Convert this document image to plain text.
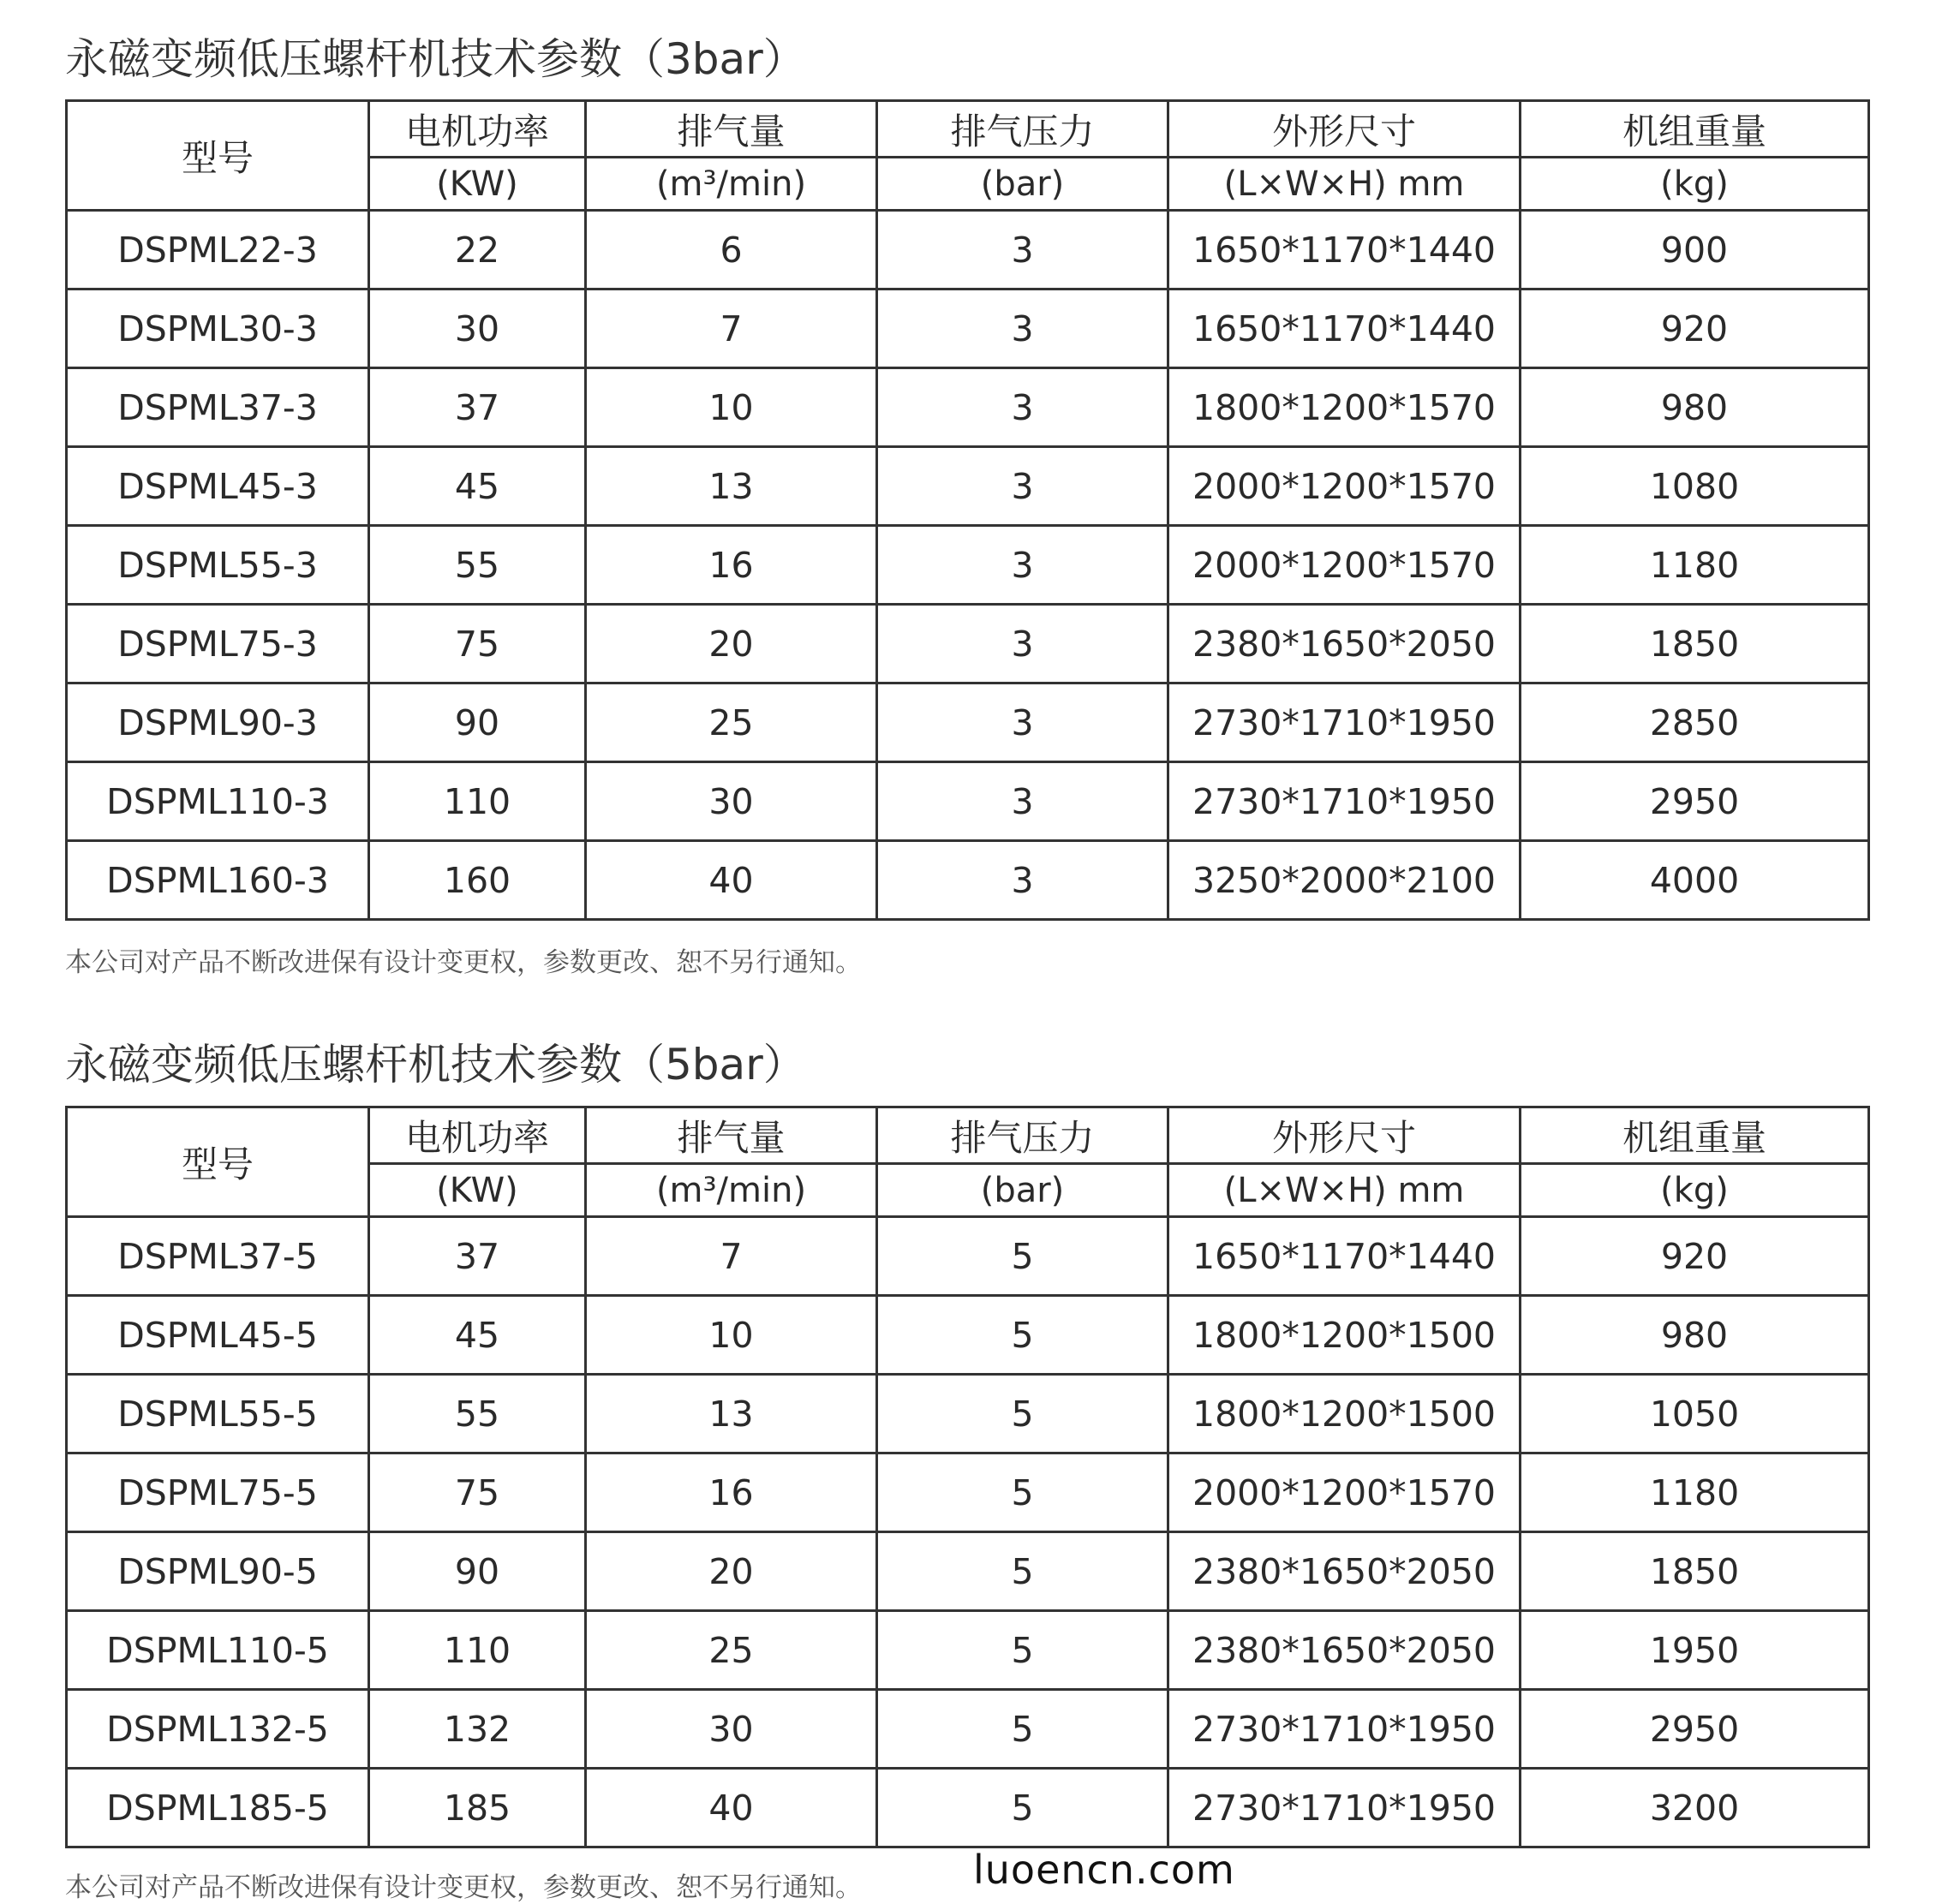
永磁变频低压螺杆机技术参数（3bar）
型号	电机功率	排气量	排气压力	外形尺寸	机组重量
	(KW)	(m³/min)	(bar)	(L×W×H) mm	(kg)
DSPML22-3	22	6	3	1650*1170*1440	900
DSPML30-3	30	7	3	1650*1170*1440	920
DSPML37-3	37	10	3	1800*1200*1570	980
DSPML45-3	45	13	3	2000*1200*1570	1080
DSPML55-3	55	16	3	2000*1200*1570	1180
DSPML75-3	75	20	3	2380*1650*2050	1850
DSPML90-3	90	25	3	2730*1710*1950	2850
DSPML110-3	110	30	3	2730*1710*1950	2950
DSPML160-3	160	40	3	3250*2000*2100	4000
本公司对产品不断改进保有设计变更权，参数更改、恕不另行通知。
永磁变频低压螺杆机技术参数（5bar）
型号	电机功率	排气量	排气压力	外形尺寸	机组重量
	(KW)	(m³/min)	(bar)	(L×W×H) mm	(kg)
DSPML37-5	37	7	5	1650*1170*1440	920
DSPML45-5	45	10	5	1800*1200*1500	980
DSPML55-5	55	13	5	1800*1200*1500	1050
DSPML75-5	75	16	5	2000*1200*1570	1180
DSPML90-5	90	20	5	2380*1650*2050	1850
DSPML110-5	110	25	5	2380*1650*2050	1950
DSPML132-5	132	30	5	2730*1710*1950	2950
DSPML185-5	185	40	5	2730*1710*1950	3200
本公司对产品不断改进保有设计变更权，参数更改、恕不另行通知。	luoencn.com
